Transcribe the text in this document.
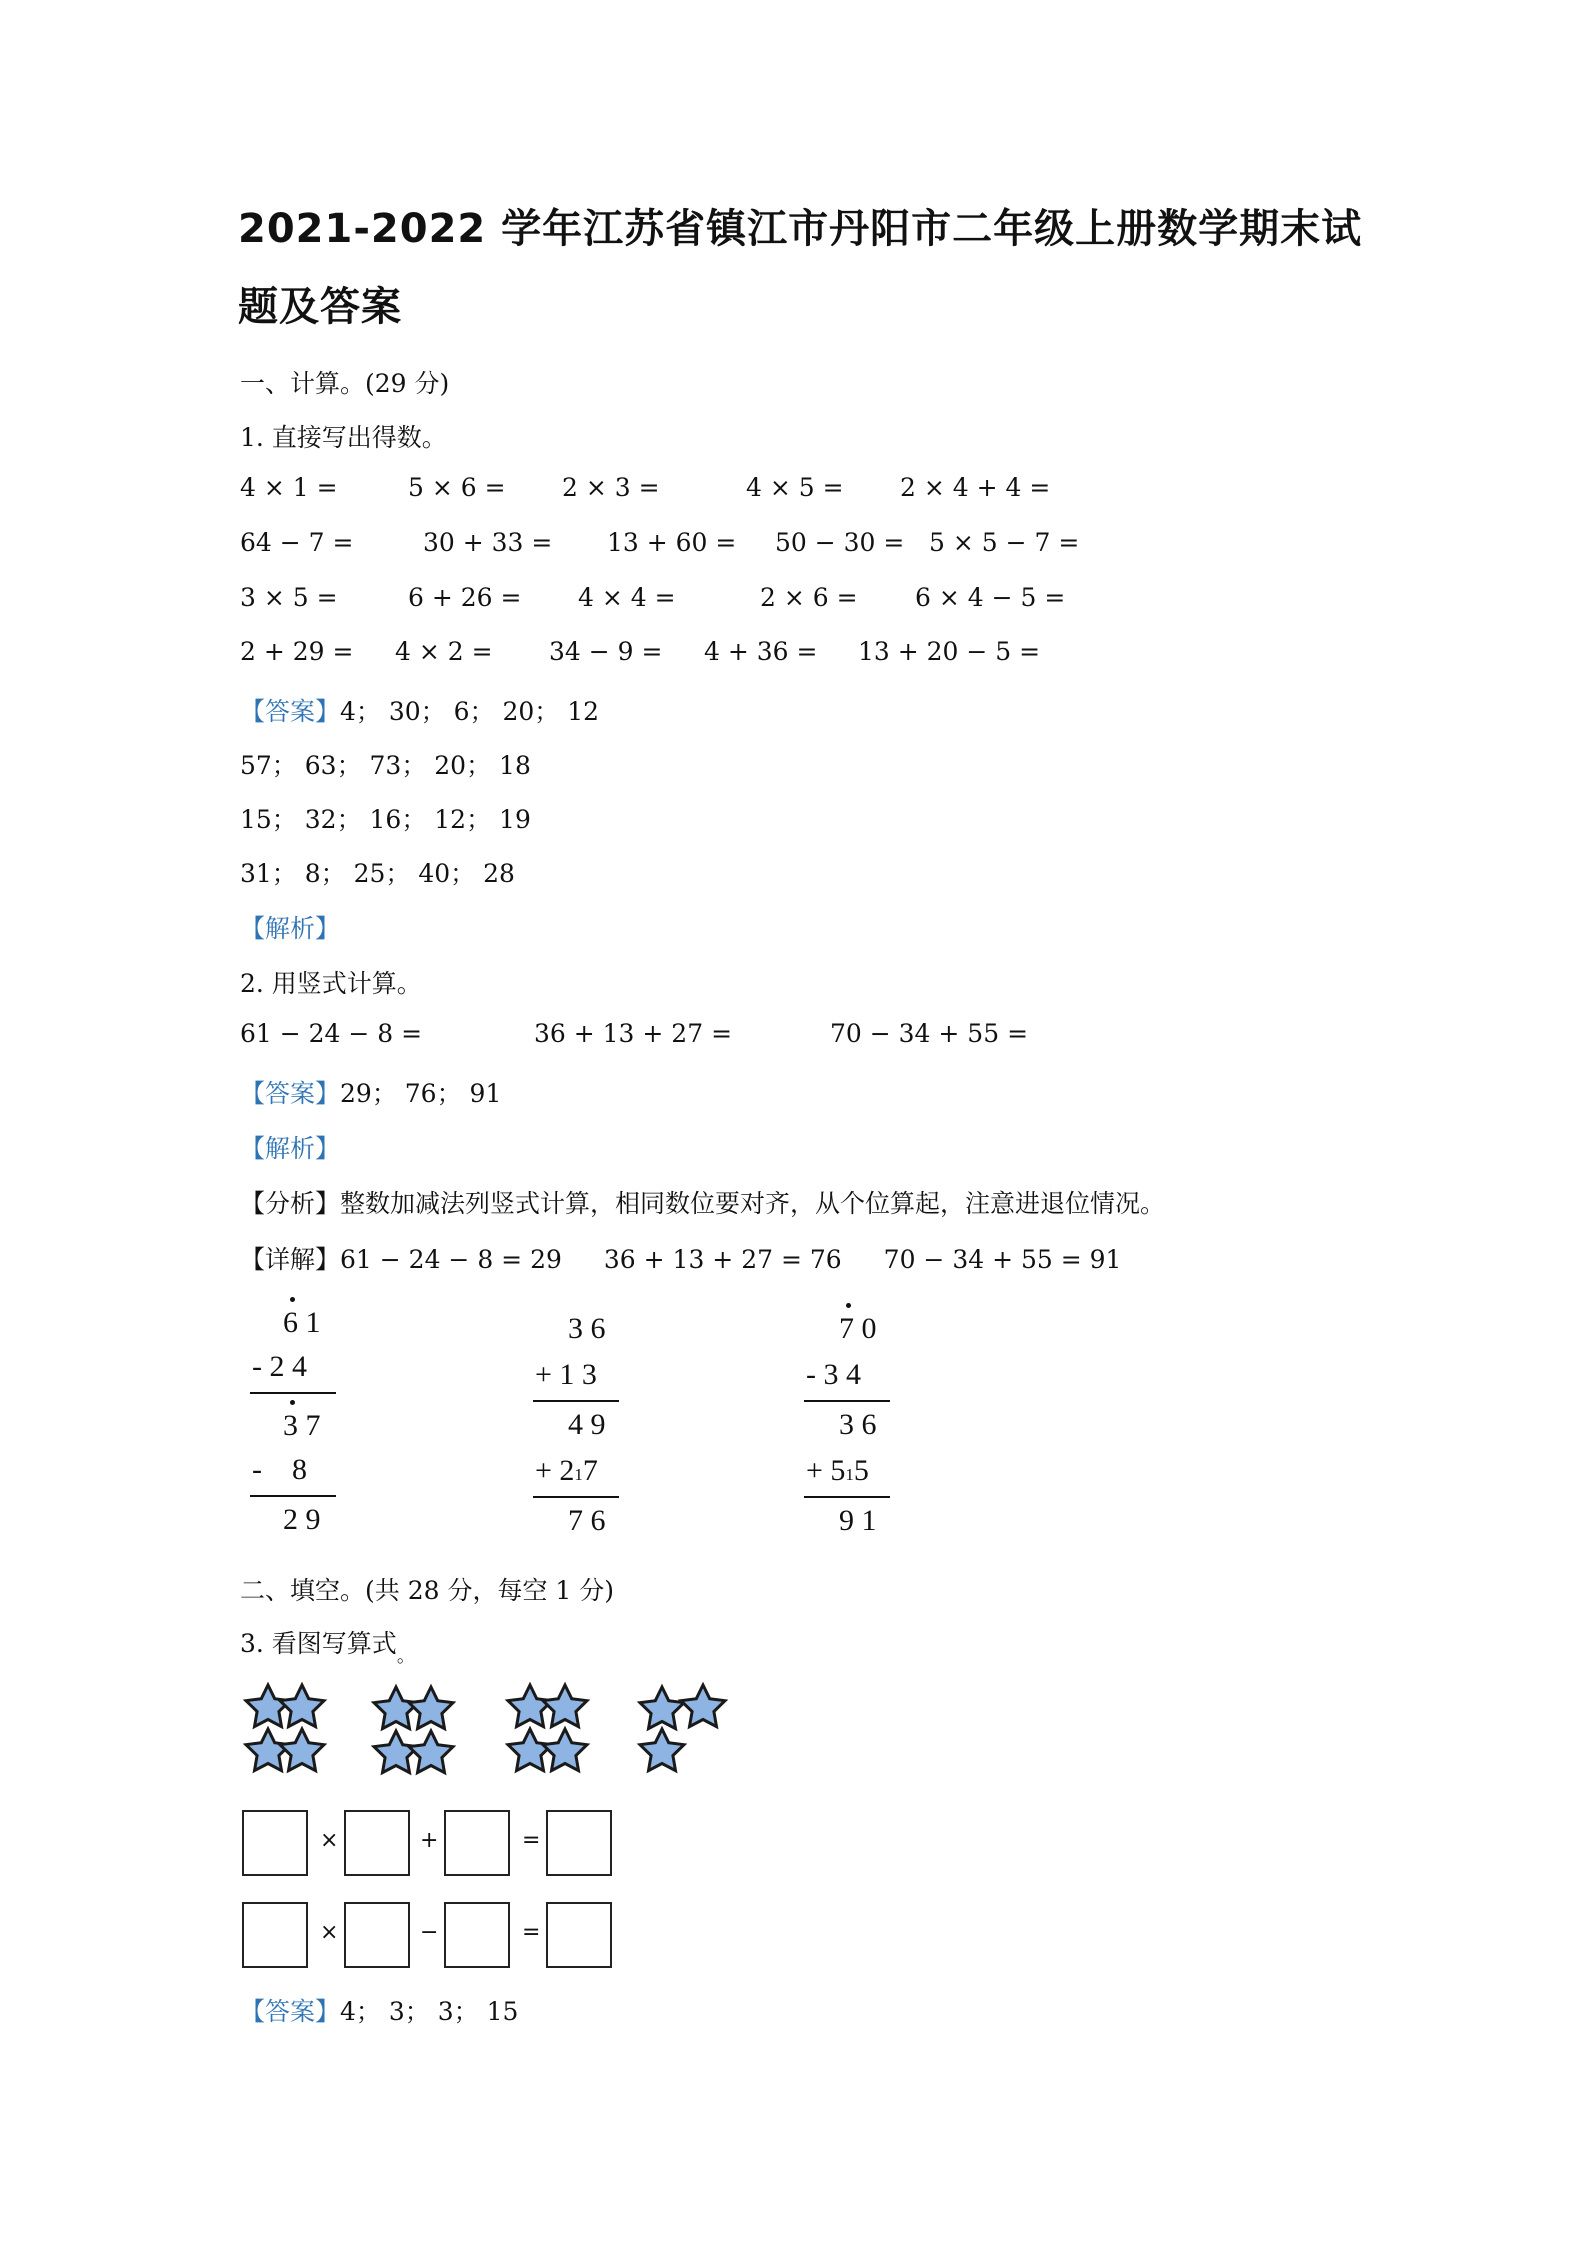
2021-2022 学年江苏省镇江市丹阳市二年级上册数学期末试
题及答案
一、计算。(29 分)
1. 直接写出得数。
4 × 1 =	5 × 6 = 2 × 3 =	4 × 5 = 2 × 4 + 4 =
64 − 7 =	30 + 33 = 13 + 60 = 50 − 30 = 5 × 5 − 7 =
3 × 5 =	6 + 26 = 4 × 4 =	2 × 6 = 6 × 4 − 5 =
2 + 29 = 4 × 2 = 34 − 9 = 4 + 36 = 13 + 20 − 5 =
【答案】4； 30； 6； 20； 12
57； 63； 73； 20； 18
15； 32； 16； 12； 19
31； 8； 25； 40； 28
【解析】
2. 用竖式计算。
61 − 24 − 8 =	36 + 13 + 27 =	70 − 34 + 55 =
【答案】29； 76； 91
【解析】
【分析】整数加减法列竖式计算，相同数位要对齐，从个位算起，注意进退位情况。
【详解】61 − 24 − 8 = 29 36 + 13 + 27 = 76 70 − 34 + 55 = 91
6 1
- 2 4
3 7
-    8
2 9
3 6
+ 1 3
4 9
+ 217
7 6
7 0
- 3 4
3 6
+ 515
9 1
二、填空。(共 28 分，每空 1 分)
3. 看图写算式$_。$
×	+	=
×	−	=
【答案】4； 3； 3； 15
